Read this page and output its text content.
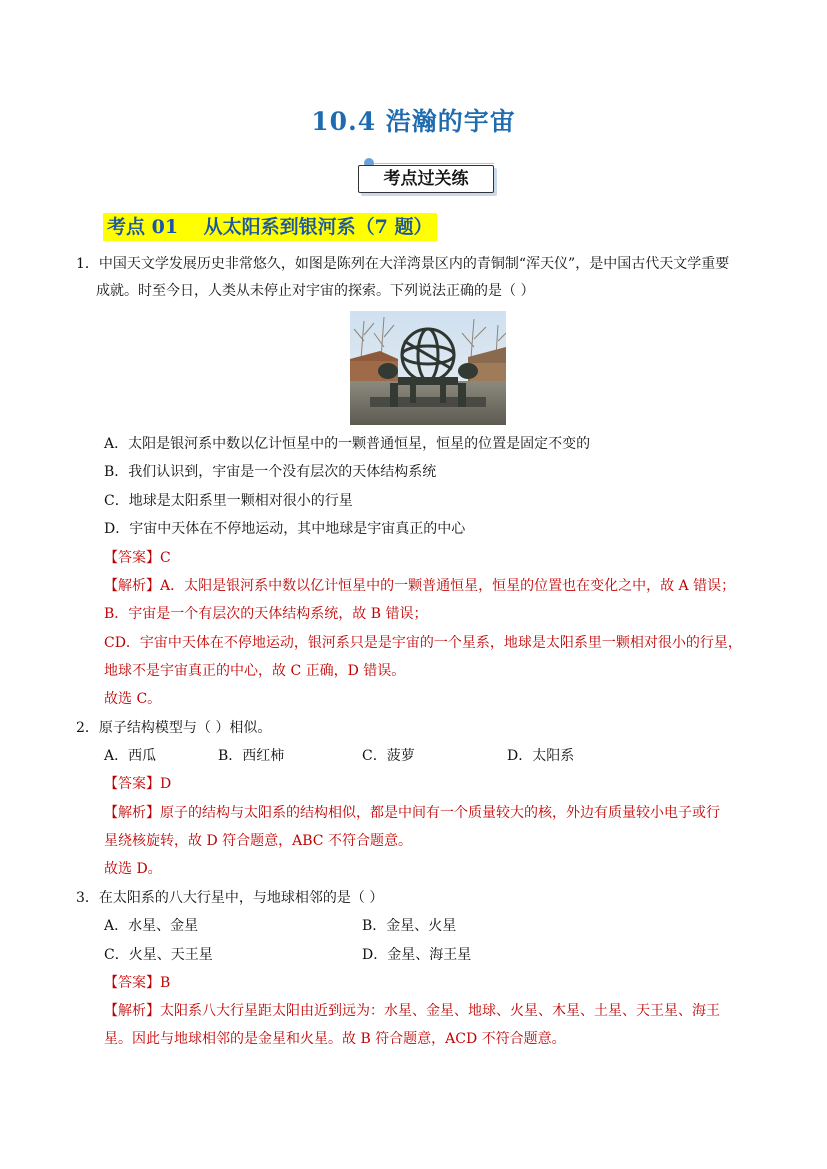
10.4 浩瀚的宇宙
考点过关练
考点 01　 从太阳系到银河系（7 题）
1．中国天文学发展历史非常悠久，如图是陈列在大洋湾景区内的青铜制“浑天仪”，是中国古代天文学重要
成就。时至今日，人类从未停止对宇宙的探索。下列说法正确的是（ ）
A．太阳是银河系中数以亿计恒星中的一颗普通恒星，恒星的位置是固定不变的
B．我们认识到，宇宙是一个没有层次的天体结构系统
C．地球是太阳系里一颗相对很小的行星
D．宇宙中天体在不停地运动，其中地球是宇宙真正的中心
【答案】C
【解析】A．太阳是银河系中数以亿计恒星中的一颗普通恒星，恒星的位置也在变化之中，故 A 错误；
B．宇宙是一个有层次的天体结构系统，故 B 错误；
CD．宇宙中天体在不停地运动，银河系只是是宇宙的一个星系，地球是太阳系里一颗相对很小的行星，
地球不是宇宙真正的中心，故 C 正确，D 错误。
故选 C。
2．原子结构模型与（ ）相似。
A．西瓜	B．西红柿	C．菠萝	D．太阳系
【答案】D
【解析】原子的结构与太阳系的结构相似，都是中间有一个质量较大的核，外边有质量较小电子或行
星绕核旋转，故 D 符合题意，ABC 不符合题意。
故选 D。
3．在太阳系的八大行星中，与地球相邻的是（ ）
A．水星、金星	B．金星、火星
C．火星、天王星	D．金星、海王星
【答案】B
【解析】太阳系八大行星距太阳由近到远为：水星、金星、地球、火星、木星、土星、天王星、海王
星。因此与地球相邻的是金星和火星。故 B 符合题意，ACD 不符合题意。
